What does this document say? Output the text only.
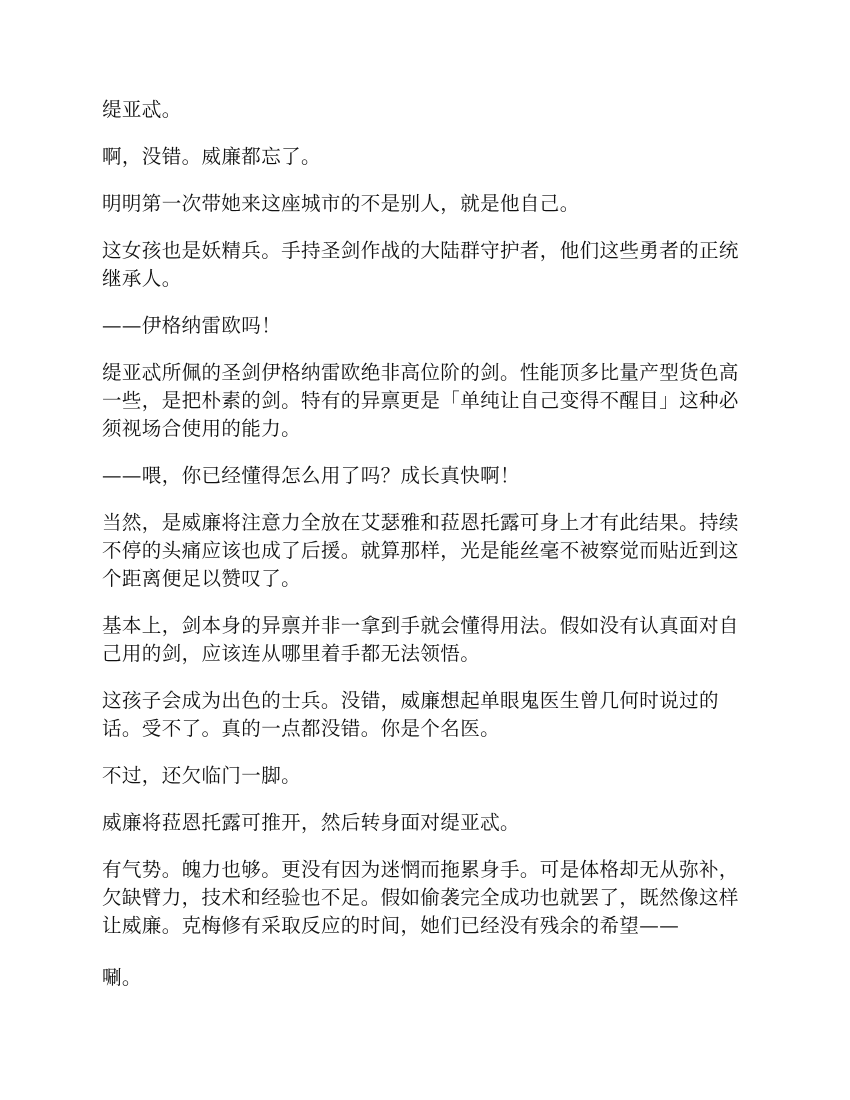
缇亚忒。

啊，没错。威廉都忘了。

明明第一次带她来这座城市的不是别人，就是他自己。

这女孩也是妖精兵。手持圣剑作战的大陆群守护者，他们这些勇者的正统继承人。

——伊格纳雷欧吗！

缇亚忒所佩的圣剑伊格纳雷欧绝非高位阶的剑。性能顶多比量产型货色高一些，是把朴素的剑。特有的异禀更是「单纯让自己变得不醒目」这种必须视场合使用的能力。

——喂，你已经懂得怎么用了吗？成长真快啊！

当然，是威廉将注意力全放在艾瑟雅和菈恩托露可身上才有此结果。持续不停的头痛应该也成了后援。就算那样，光是能丝毫不被察觉而贴近到这个距离便足以赞叹了。

基本上，剑本身的异禀并非一拿到手就会懂得用法。假如没有认真面对自己用的剑，应该连从哪里着手都无法领悟。

这孩子会成为出色的士兵。没错，威廉想起单眼鬼医生曾几何时说过的话。受不了。真的一点都没错。你是个名医。

不过，还欠临门一脚。

威廉将菈恩托露可推开，然后转身面对缇亚忒。

有气势。魄力也够。更没有因为迷惘而拖累身手。可是体格却无从弥补，欠缺臂力，技术和经验也不足。假如偷袭完全成功也就罢了，既然像这样让威廉。克梅修有采取反应的时间，她们已经没有残余的希望——

唰。
